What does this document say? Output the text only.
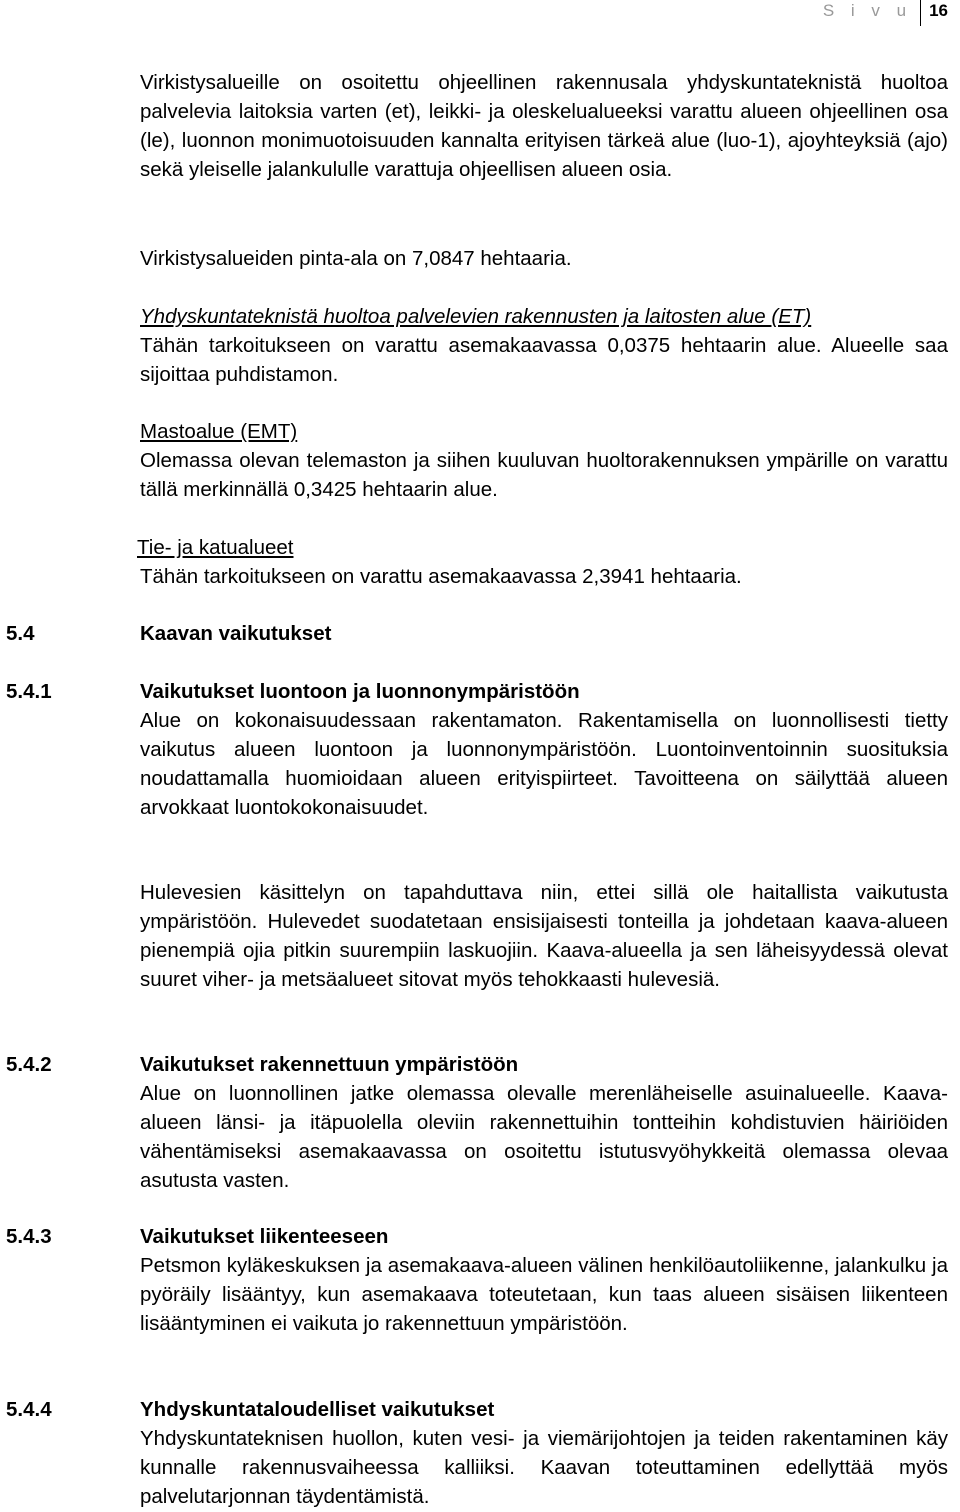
S i v u	16

Virkistysalueille on osoitettu ohjeellinen rakennusala yhdyskuntateknistä huoltoa palvelevia laitoksia varten (et), leikki- ja oleskelualueeksi varattu alueen ohjeellinen osa (le), luonnon monimuotoisuuden kannalta erityisen tärkeä alue (luo-1), ajoyhteyksiä (ajo) sekä yleiselle jalankululle varattuja ohjeellisen alueen osia.

Virkistysalueiden pinta-ala on 7,0847 hehtaaria.

Yhdyskuntateknistä huoltoa palvelevien rakennusten ja laitosten alue (ET)
Tähän tarkoitukseen on varattu asemakaavassa 0,0375 hehtaarin alue. Alueelle saa sijoittaa puhdistamon.
Mastoalue (EMT)
Olemassa olevan telemaston ja siihen kuuluvan huoltorakennuksen ympärille on varattu tällä merkinnällä 0,3425 hehtaarin alue.
Tie- ja katualueet
Tähän tarkoitukseen on varattu asemakaavassa 2,3941 hehtaaria.
5.4	Kaavan vaikutukset
5.4.1	Vaikutukset luontoon ja luonnonympäristöön

Alue on kokonaisuudessaan rakentamaton. Rakentamisella on luonnollisesti tietty vaikutus alueen luontoon ja luonnonympäristöön. Luontoinventoinnin suosituksia noudattamalla huomioidaan alueen erityispiirteet. Tavoitteena on säilyttää alueen arvokkaat luontokokonaisuudet.

Hulevesien käsittelyn on tapahduttava niin, ettei sillä ole haitallista vaikutusta ympäristöön. Hulevedet suodatetaan ensisijaisesti tonteilla ja johdetaan kaava-alueen pienempiä ojia pitkin suurempiin laskuojiin. Kaava-alueella ja sen läheisyydessä olevat suuret viher- ja metsäalueet sitovat myös tehokkaasti hulevesiä.

5.4.2	Vaikutukset rakennettuun ympäristöön

Alue on luonnollinen jatke olemassa olevalle merenläheiselle asuinalueelle. Kaava-alueen länsi- ja itäpuolella oleviin rakennettuihin tontteihin kohdistuvien häiriöiden vähentämiseksi asemakaavassa on osoitettu istutusvyöhykkeitä olemassa olevaa asutusta vasten.

5.4.3	Vaikutukset liikenteeseen

Petsmon kyläkeskuksen ja asemakaava-alueen välinen henkilöautoliikenne, jalankulku ja pyöräily lisääntyy, kun asemakaava toteutetaan, kun taas alueen sisäisen liikenteen lisääntyminen ei vaikuta jo rakennettuun ympäristöön.

5.4.4	Yhdyskuntataloudelliset vaikutukset

Yhdyskuntateknisen huollon, kuten vesi- ja viemärijohtojen ja teiden rakentaminen käy kunnalle rakennusvaiheessa kalliiksi. Kaavan toteuttaminen edellyttää myös palvelutarjonnan täydentämistä.
